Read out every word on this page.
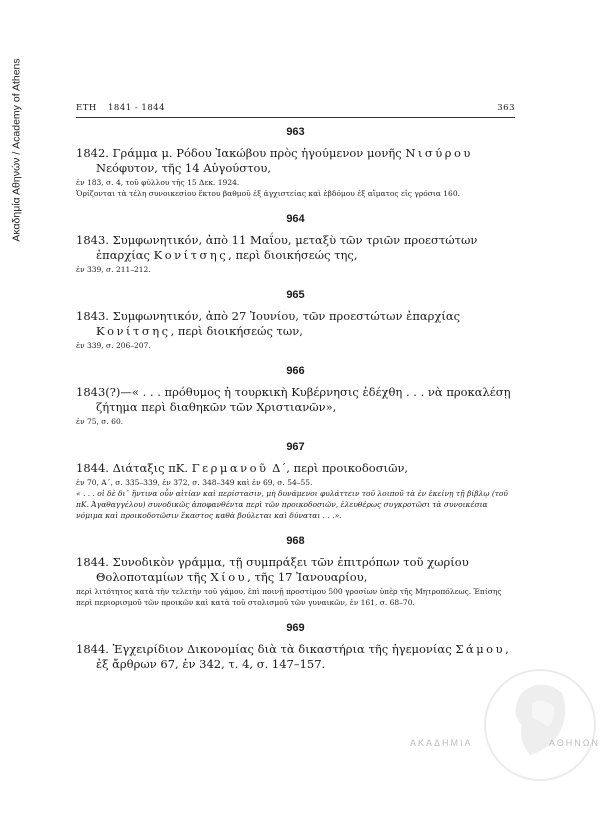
Ακαδημία Αθηνών / Academy of Athens	ΕΤΗ 1841 - 1844	363
963

1842. Γράμμα μ. Ρόδου Ἰακώβου πρὸς ἡγούμενον μονῆς Νισύρου Νεόφυτον, τῆς 14 Αὐγούστου,

ἐν 183, σ. 4, τοῦ φύλλου τῆς 15 Δεκ. 1924.

Ὁρίζονται τὰ τέλη συνοικεσίου ἕκτου βαθμοῦ ἐξ ἀγχιστείας καὶ ἑβδόμου ἐξ αἵματος εἰς γρόσια 160.

964

1843. Συμφωνητικόν, ἀπὸ 11 Μαΐου, μεταξὺ τῶν τριῶν προεστώτων ἐπαρχίας Κονίτσης, περὶ διοικήσεώς της,

ἐν 339, σ. 211–212.

965

1843. Συμφωνητικόν, ἀπὸ 27 Ἰουνίου, τῶν προεστώτων ἐπαρχίας Κονίτσης, περὶ διοικήσεώς των,

ἐν 339, σ. 206–207.

966

1843(?)—« . . . πρόθυμος ἡ τουρκικὴ Κυβέρνησις ἐδέχθη . . . νὰ προκαλέσῃ ζήτημα περὶ διαθηκῶν τῶν Χριστιανῶν»,

ἐν 75, σ. 60.

967

1844. Διάταξις πΚ. Γερμανοῦ Δ΄, περὶ προικοδοσιῶν,

ἐν 70, Α΄, σ. 335–339, ἐν 372, σ. 348–349 καὶ ἐν 69, σ. 54–55.

« . . . οἱ δὲ δι᾽ ἥντινα οὖν αἰτίαν καὶ περίστασιν, μὴ δυνάμενοι φυλάττειν τοῦ λοιποῦ τὰ ἐν ἐκείνῃ τῇ βίβλῳ (τοῦ πΚ. Ἀγαθαγγέλου) συνοδικῶς ἀποφανθέντα περὶ τῶν προικοδοσιῶν, ἐλευθέρως συγκροτῶσι τὰ συνοικέσια νόμιμα καὶ προικοδοτῶσιν ἕκαστος καθὰ βούλεται καὶ δύναται . . .».

968

1844. Συνοδικὸν γράμμα, τῇ συμπράξει τῶν ἐπιτρόπων τοῦ χωρίου Θολοποταμίων τῆς Χίου, τῆς 17 Ἰανουαρίου,

περὶ λιτότητος κατὰ τὴν τελετὴν τοῦ γάμου, ἐπὶ ποινῇ προστίμου 500 γροσίων ὑπὲρ τῆς Μητροπόλεως. Ἐπίσης περὶ περιορισμοῦ τῶν προικῶν καὶ κατὰ τοῦ στολισμοῦ τῶν γυναικῶν, ἐν 161, σ. 68–70.

969

1844. Ἐγχειρίδιον Δικονομίας διὰ τὰ δικαστήρια τῆς ἡγεμονίας Σάμου, ἐξ ἄρθρων 67, ἐν 342, τ. 4, σ. 147–157.

ΑΚΑΔΗΜΙΑ	ΑΘΗΝΩΝ
